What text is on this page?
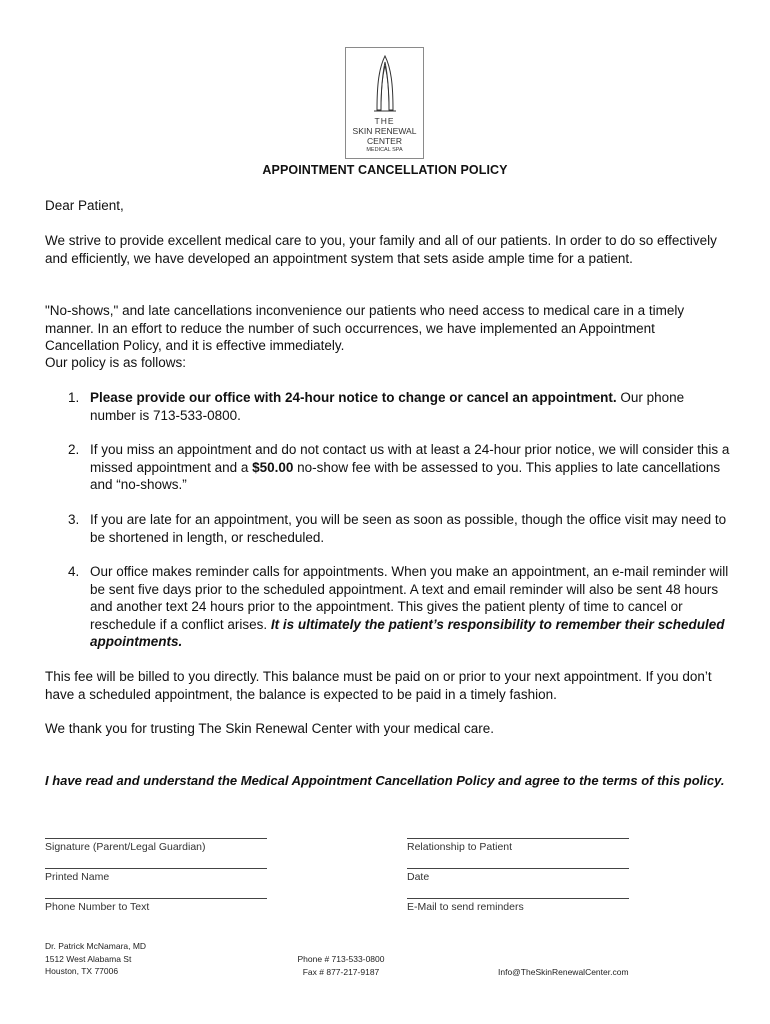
THE
SKIN RENEWAL
CENTER
MEDICAL SPA
APPOINTMENT CANCELLATION POLICY

Dear Patient,

We strive to provide excellent medical care to you, your family and all of our patients. In order to do so effectively and efficiently, we have developed an appointment system that sets aside ample time for a patient.

"No-shows," and late cancellations inconvenience our patients who need access to medical care in a timely manner. In an effort to reduce the number of such occurrences, we have implemented an Appointment Cancellation Policy, and it is effective immediately.

Our policy is as follows:

1. Please provide our office with 24-hour notice to change or cancel an appointment. Our phone number is 713-533-0800.
2. If you miss an appointment and do not contact us with at least a 24-hour prior notice, we will consider this a missed appointment and a $50.00 no-show fee with be assessed to you. This applies to late cancellations and “no-shows.”
3. If you are late for an appointment, you will be seen as soon as possible, though the office visit may need to be shortened in length, or rescheduled.
4. Our office makes reminder calls for appointments. When you make an appointment, an e-mail reminder will be sent five days prior to the scheduled appointment. A text and email reminder will also be sent 48 hours and another text 24 hours prior to the appointment. This gives the patient plenty of time to cancel or reschedule if a conflict arises. It is ultimately the patient’s responsibility to remember their scheduled appointments.

This fee will be billed to you directly. This balance must be paid on or prior to your next appointment. If you don’t have a scheduled appointment, the balance is expected to be paid in a timely fashion.

We thank you for trusting The Skin Renewal Center with your medical care.

I have read and understand the Medical Appointment Cancellation Policy and agree to the terms of this policy.
Signature (Parent/Legal Guardian)	Relationship to Patient
Printed Name	Date
Phone Number to Text	E-Mail to send reminders
Dr. Patrick McNamara, MD
1512 West Alabama St
Houston, TX 77006
Phone # 713-533-0800
Fax # 877-217-9187	Info@TheSkinRenewalCenter.com
